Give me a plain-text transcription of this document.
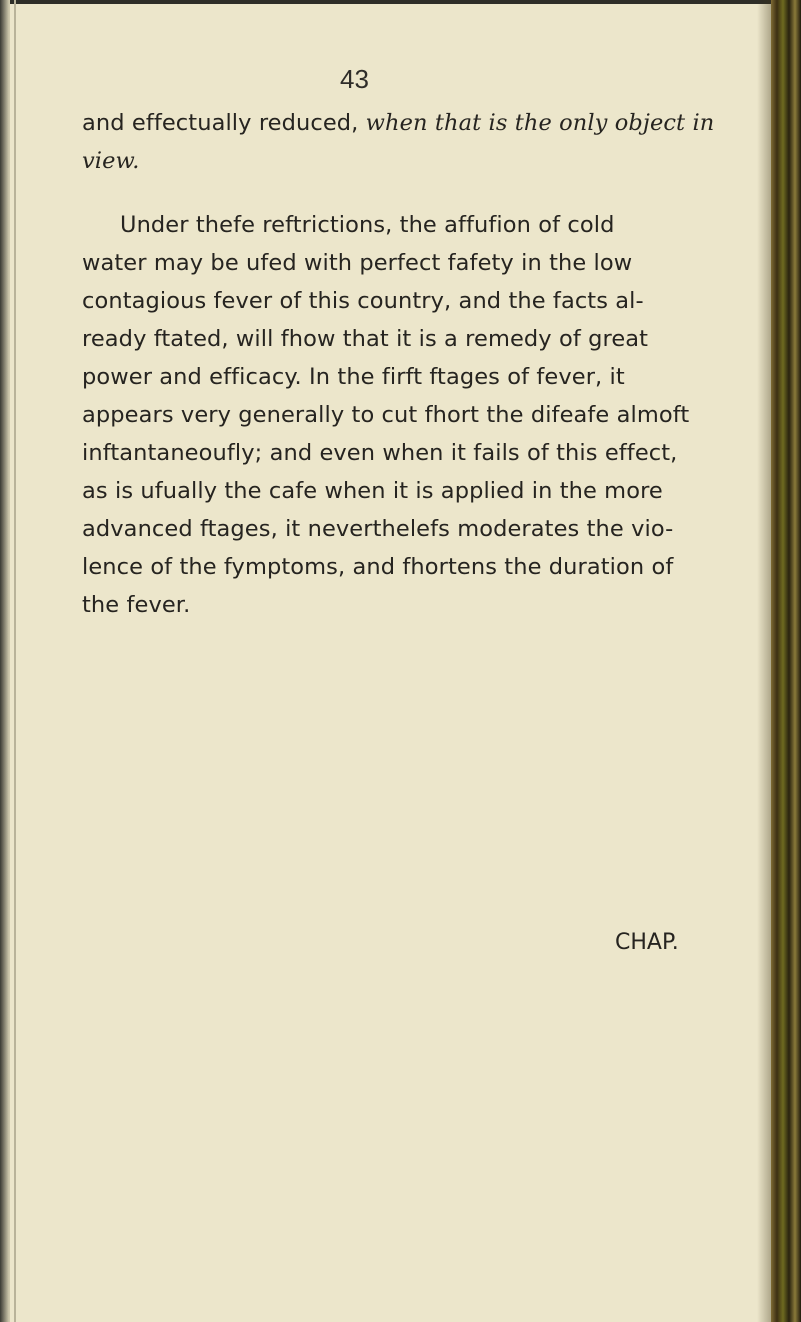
43
and effectually reduced, when that is the only object in
view.
Under thefe reftrictions, the affufion of cold
water may be ufed with perfect fafety in the low
contagious fever of this country, and the facts al-
ready ftated, will fhow that it is a remedy of great
power and efficacy. In the firft ftages of fever, it
appears very generally to cut fhort the difeafe almoft
inftantaneoufly; and even when it fails of this effect,
as is ufually the cafe when it is applied in the more
advanced ftages, it neverthelefs moderates the vio-
lence of the fymptoms, and fhortens the duration of
the fever.
CHAP.
